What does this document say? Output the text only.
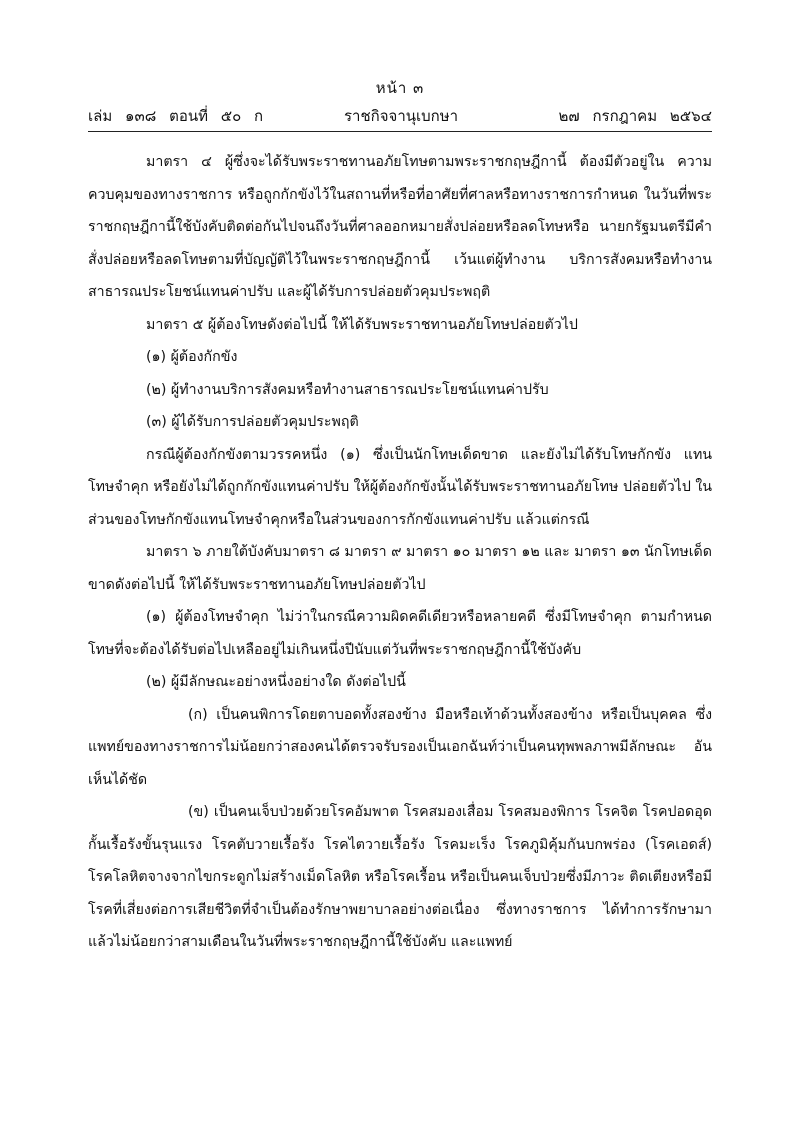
หน้า ๓
เล่ม ๑๓๘ ตอนที่ ๕๐ ก	ราชกิจจานุเบกษา	๒๗ กรกฎาคม ๒๕๖๔

มาตรา ๔ ผู้ซึ่งจะได้รับพระราชทานอภัยโทษตามพระราชกฤษฎีกานี้ ต้องมีตัวอยู่ใน ความควบคุมของทางราชการ หรือถูกกักขังไว้ในสถานที่หรือที่อาศัยที่ศาลหรือทางราชการกำหนด ในวันที่พระราชกฤษฎีกานี้ใช้บังคับติดต่อกันไปจนถึงวันที่ศาลออกหมายสั่งปล่อยหรือลดโทษหรือ นายกรัฐมนตรีมีคำสั่งปล่อยหรือลดโทษตามที่บัญญัติไว้ในพระราชกฤษฎีกานี้ เว้นแต่ผู้ทำงาน บริการสังคมหรือทำงานสาธารณประโยชน์แทนค่าปรับ และผู้ได้รับการปล่อยตัวคุมประพฤติ

มาตรา ๕ ผู้ต้องโทษดังต่อไปนี้ ให้ได้รับพระราชทานอภัยโทษปล่อยตัวไป

(๑) ผู้ต้องกักขัง

(๒) ผู้ทำงานบริการสังคมหรือทำงานสาธารณประโยชน์แทนค่าปรับ

(๓) ผู้ได้รับการปล่อยตัวคุมประพฤติ

กรณีผู้ต้องกักขังตามวรรคหนึ่ง (๑) ซึ่งเป็นนักโทษเด็ดขาด และยังไม่ได้รับโทษกักขัง แทนโทษจำคุก หรือยังไม่ได้ถูกกักขังแทนค่าปรับ ให้ผู้ต้องกักขังนั้นได้รับพระราชทานอภัยโทษ ปล่อยตัวไป ในส่วนของโทษกักขังแทนโทษจำคุกหรือในส่วนของการกักขังแทนค่าปรับ แล้วแต่กรณี

มาตรา ๖ ภายใต้บังคับมาตรา ๘ มาตรา ๙ มาตรา ๑๐ มาตรา ๑๒ และ มาตรา ๑๓ นักโทษเด็ดขาดดังต่อไปนี้ ให้ได้รับพระราชทานอภัยโทษปล่อยตัวไป

(๑) ผู้ต้องโทษจำคุก ไม่ว่าในกรณีความผิดคดีเดียวหรือหลายคดี ซึ่งมีโทษจำคุก ตามกำหนดโทษที่จะต้องได้รับต่อไปเหลืออยู่ไม่เกินหนึ่งปีนับแต่วันที่พระราชกฤษฎีกานี้ใช้บังคับ

(๒) ผู้มีลักษณะอย่างหนึ่งอย่างใด ดังต่อไปนี้

(ก) เป็นคนพิการโดยตาบอดทั้งสองข้าง มือหรือเท้าด้วนทั้งสองข้าง หรือเป็นบุคคล ซึ่งแพทย์ของทางราชการไม่น้อยกว่าสองคนได้ตรวจรับรองเป็นเอกฉันท์ว่าเป็นคนทุพพลภาพมีลักษณะ อันเห็นได้ชัด

(ข) เป็นคนเจ็บป่วยด้วยโรคอัมพาต โรคสมองเสื่อม โรคสมองพิการ โรคจิต โรคปอดอุดกั้นเรื้อรังขั้นรุนแรง โรคตับวายเรื้อรัง โรคไตวายเรื้อรัง โรคมะเร็ง โรคภูมิคุ้มกันบกพร่อง (โรคเอดส์) โรคโลหิตจางจากไขกระดูกไม่สร้างเม็ดโลหิต หรือโรคเรื้อน หรือเป็นคนเจ็บป่วยซึ่งมีภาวะ ติดเตียงหรือมีโรคที่เสี่ยงต่อการเสียชีวิตที่จำเป็นต้องรักษาพยาบาลอย่างต่อเนื่อง ซึ่งทางราชการ ได้ทำการรักษามาแล้วไม่น้อยกว่าสามเดือนในวันที่พระราชกฤษฎีกานี้ใช้บังคับ และแพทย์
